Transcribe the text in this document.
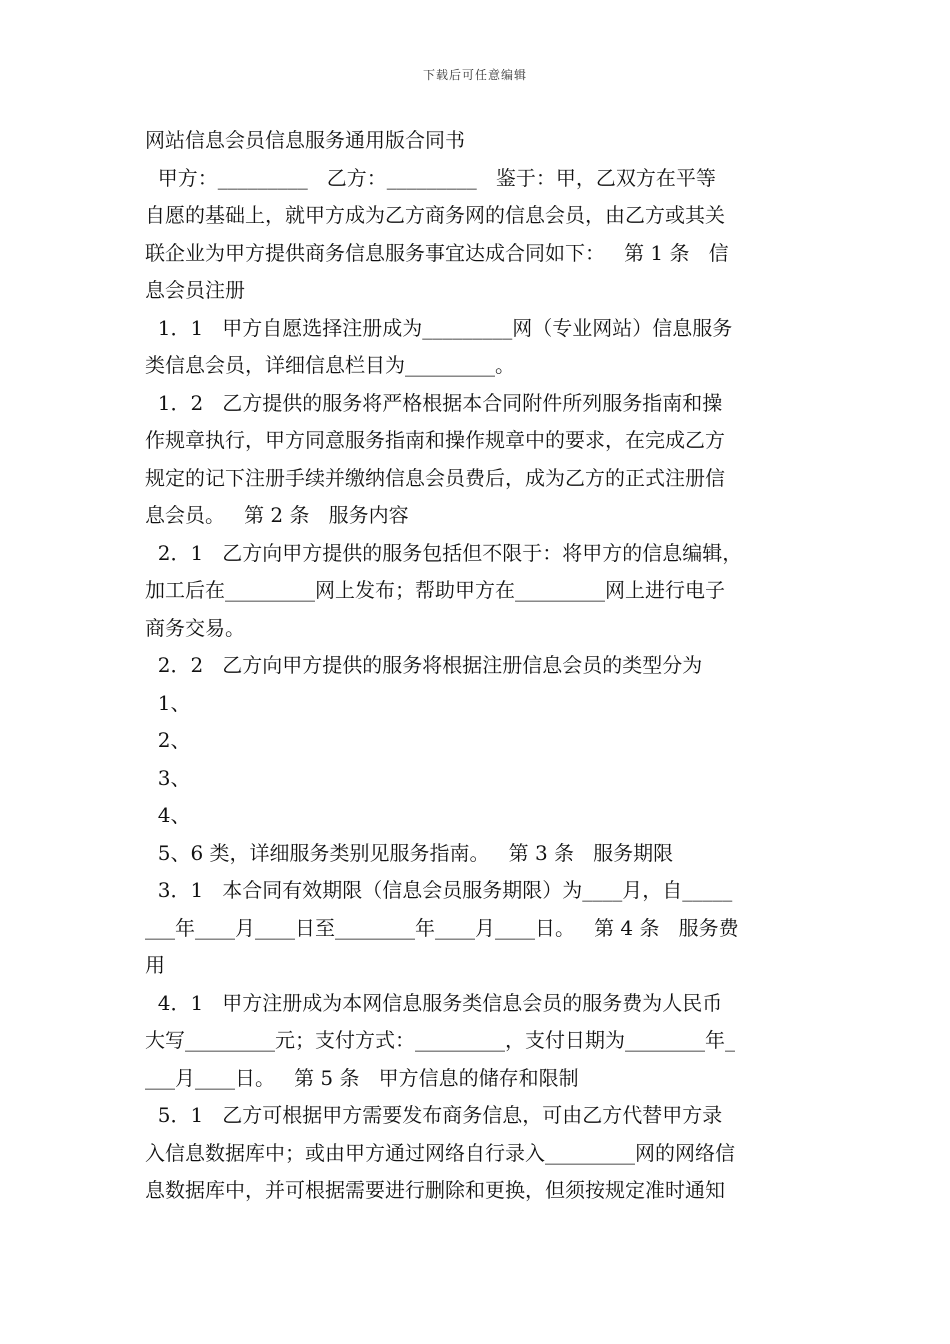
下载后可任意编辑
网站信息会员信息服务通用版合同书
甲方：_________   乙方：_________   鉴于：甲，乙双方在平等
自愿的基础上，就甲方成为乙方商务网的信息会员，由乙方或其关
联企业为甲方提供商务信息服务事宜达成合同如下：   第 1 条   信
息会员注册
1．1   甲方自愿选择注册成为_________网（专业网站）信息服务
类信息会员，详细信息栏目为_________。
1．2   乙方提供的服务将严格根据本合同附件所列服务指南和操
作规章执行，甲方同意服务指南和操作规章中的要求，在完成乙方
规定的记下注册手续并缴纳信息会员费后，成为乙方的正式注册信
息会员。   第 2 条   服务内容
2．1   乙方向甲方提供的服务包括但不限于：将甲方的信息编辑，
加工后在_________网上发布；帮助甲方在_________网上进行电子
商务交易。
2．2   乙方向甲方提供的服务将根据注册信息会员的类型分为
1、
2、
3、
4、
5、6 类，详细服务类别见服务指南。   第 3 条   服务期限
3．1   本合同有效期限（信息会员服务期限）为____月，自_____
___年____月____日至________年____月____日。   第 4 条   服务费
用
4．1   甲方注册成为本网信息服务类信息会员的服务费为人民币
大写_________元；支付方式：_________，支付日期为________年_
___月____日。   第 5 条   甲方信息的储存和限制
5．1   乙方可根据甲方需要发布商务信息，可由乙方代替甲方录
入信息数据库中；或由甲方通过网络自行录入_________网的网络信
息数据库中，并可根据需要进行删除和更换，但须按规定准时通知
